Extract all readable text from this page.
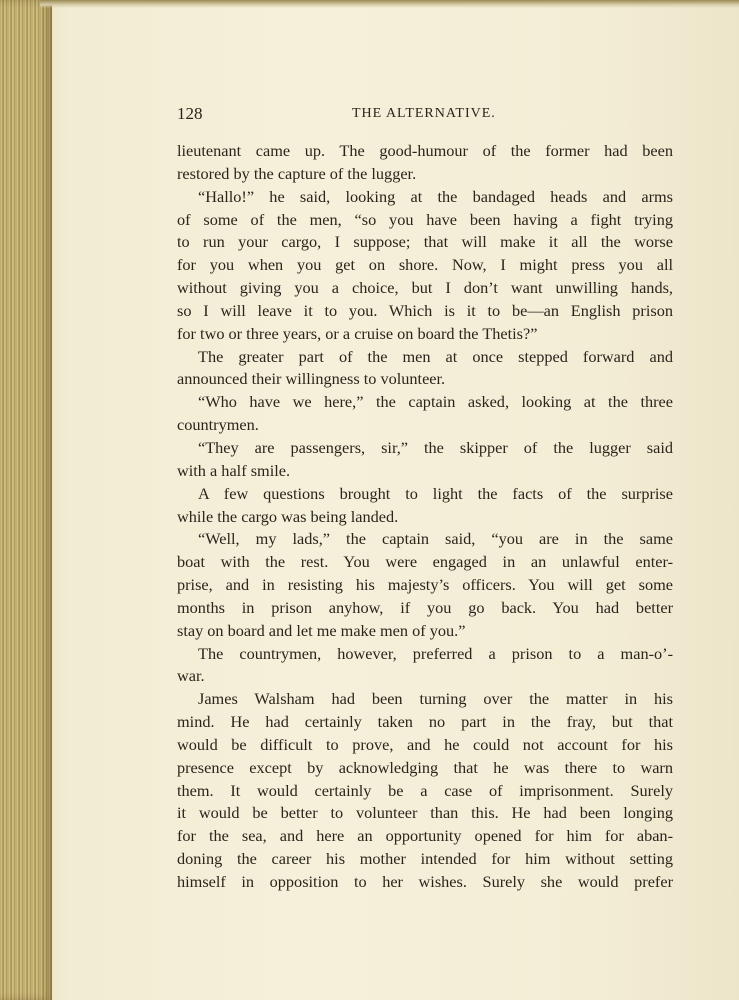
128	THE ALTERNATIVE.
lieutenant came up. The good-humour of the former had been
restored by the capture of the lugger.
“Hallo!” he said, looking at the bandaged heads and arms
of some of the men, “so you have been having a fight trying
to run your cargo, I suppose; that will make it all the worse
for you when you get on shore. Now, I might press you all
without giving you a choice, but I don’t want unwilling hands,
so I will leave it to you. Which is it to be—an English prison
for two or three years, or a cruise on board the Thetis?”
The greater part of the men at once stepped forward and
announced their willingness to volunteer.
“Who have we here,” the captain asked, looking at the three
countrymen.
“They are passengers, sir,” the skipper of the lugger said
with a half smile.
A few questions brought to light the facts of the surprise
while the cargo was being landed.
“Well, my lads,” the captain said, “you are in the same
boat with the rest. You were engaged in an unlawful enter-
prise, and in resisting his majesty’s officers. You will get some
months in prison anyhow, if you go back. You had better
stay on board and let me make men of you.”
The countrymen, however, preferred a prison to a man-o’-
war.
James Walsham had been turning over the matter in his
mind. He had certainly taken no part in the fray, but that
would be difficult to prove, and he could not account for his
presence except by acknowledging that he was there to warn
them. It would certainly be a case of imprisonment. Surely
it would be better to volunteer than this. He had been longing
for the sea, and here an opportunity opened for him for aban-
doning the career his mother intended for him without setting
himself in opposition to her wishes. Surely she would prefer
